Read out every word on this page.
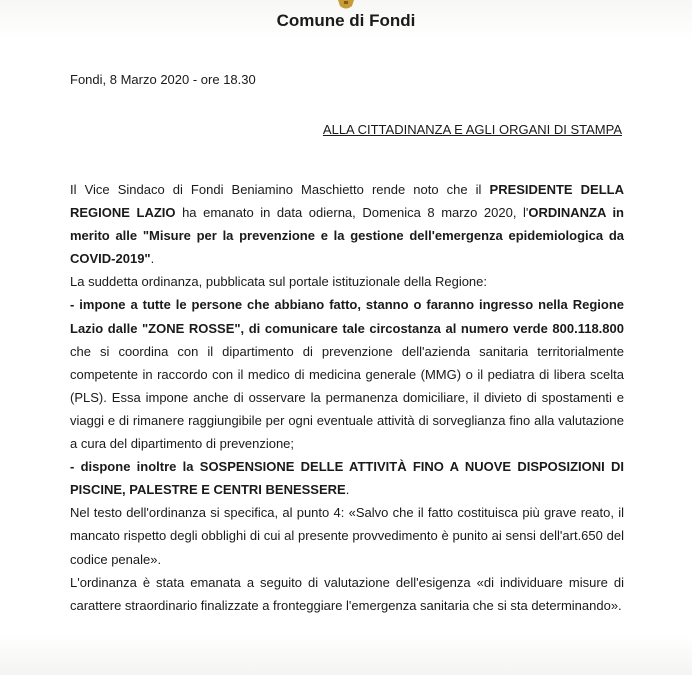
Comune di Fondi
Fondi, 8 Marzo 2020 - ore 18.30
ALLA CITTADINANZA E AGLI ORGANI DI STAMPA

Il Vice Sindaco di Fondi Beniamino Maschietto rende noto che il PRESIDENTE DELLA REGIONE LAZIO ha emanato in data odierna, Domenica 8 marzo 2020, l'ORDINANZA in merito alle "Misure per la prevenzione e la gestione dell'emergenza epidemiologica da COVID-2019".

La suddetta ordinanza, pubblicata sul portale istituzionale della Regione:

- impone a tutte le persone che abbiano fatto, stanno o faranno ingresso nella Regione Lazio dalle "ZONE ROSSE", di comunicare tale circostanza al numero verde 800.118.800 che si coordina con il dipartimento di prevenzione dell'azienda sanitaria territorialmente competente in raccordo con il medico di medicina generale (MMG) o il pediatra di libera scelta (PLS). Essa impone anche di osservare la permanenza domiciliare, il divieto di spostamenti e viaggi e di rimanere raggiungibile per ogni eventuale attività di sorveglianza fino alla valutazione a cura del dipartimento di prevenzione;

- dispone inoltre la SOSPENSIONE DELLE ATTIVITÀ FINO A NUOVE DISPOSIZIONI DI PISCINE, PALESTRE E CENTRI BENESSERE.

Nel testo dell'ordinanza si specifica, al punto 4: «Salvo che il fatto costituisca più grave reato, il mancato rispetto degli obblighi di cui al presente provvedimento è punito ai sensi dell'art.650 del codice penale».

L'ordinanza è stata emanata a seguito di valutazione dell'esigenza «di individuare misure di carattere straordinario finalizzate a fronteggiare l'emergenza sanitaria che si sta determinando».
